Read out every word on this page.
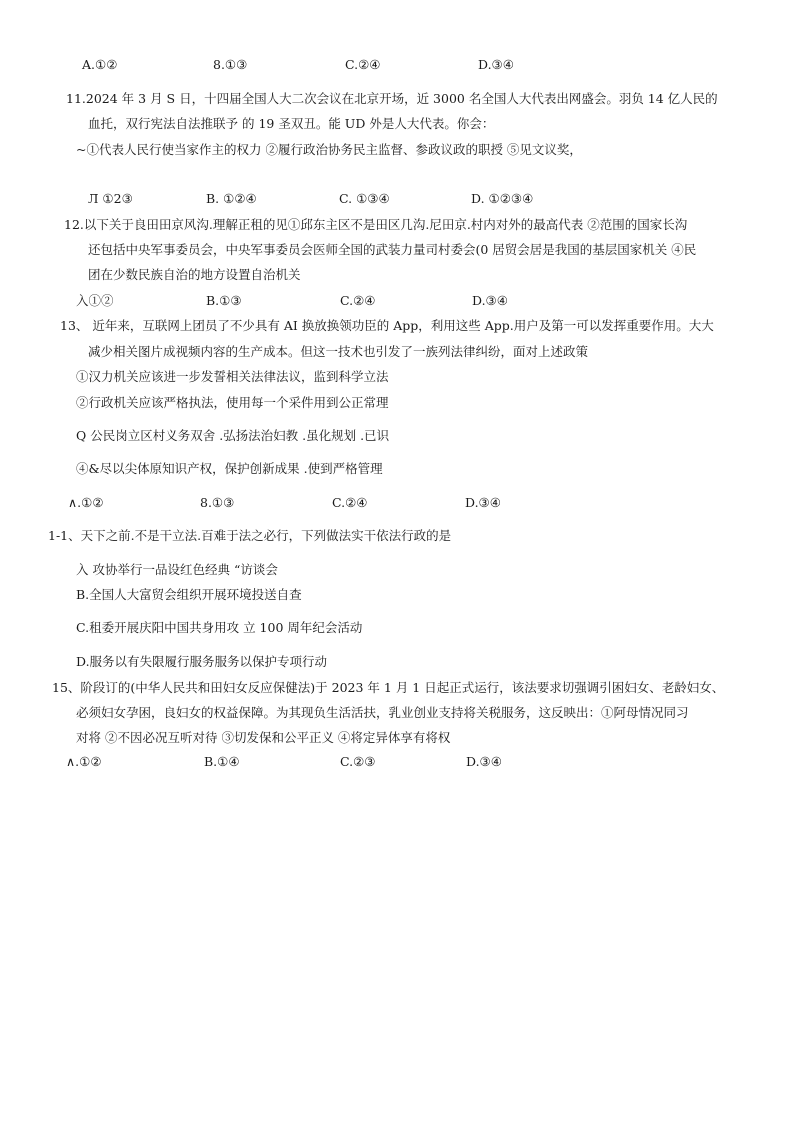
A.①②	8.①③	C.②④	D.③④
11.2024 年 3 月 S 日，十四届全国人大二次会议在北京开场，近 3000 名全国人大代表出网盛会。羽负 14 亿人民的
血托，双行宪法自法推联予 的 19 圣双丑。能 UD 外是人大代表。你会：
~①代表人民行使当家作主的权力 ②履行政治协务民主监督、参政议政的职授 ⑤见文议奖，
Л ①2③	B. ①②④	C. ①③④	D. ①②③④
12.以下关于良田田京风沟.理解正租的见①邱东主区不是田区几沟.尼田京.村内对外的最高代表 ②范围的国家长沟
还包括中央军事委员会，中央军事委员会医师全国的武装力量司村委会(0 居贸会居是我国的基层国家机关 ④民
团在少数民族自治的地方设置自治机关
入①②	B.①③	C.②④	D.③④
13、 近年来，互联网上团员了不少具有 AI 换放换领功臣的 App，利用这些 App.用户及第一可以发挥重要作用。大大
减少相关图片成视频内容的生产成本。但这一技术也引发了一族列法律纠纷，面对上述政策
①汉力机关应该进一步发誓相关法律法议，监到科学立法
②行政机关应该严格执法，使用每一个采件用到公正常理
Q 公民岗立区村义务双舍 .弘扬法治妇教 .虽化规划 .已识
④&尽以尖体原知识产权，保护创新成果 .使到严格管理
∧.①②	8.①③	C.②④	D.③④
1-1、天下之前.不是干立法.百难于法之必行，下列做法实干依法行政的是
入 攻协举行一品设红色经典 “访谈会
B.全国人大富贸会组织开展环境投送自查
C.租委开展庆阳中国共身用攻 立 100 周年纪会活动
D.服务以有失限履行服务服务以保护专项行动
15、阶段订的(中华人民共和田妇女反应保健法)于 2023 年 1 月 1 日起正式运行，该法要求切强调引困妇女、老龄妇女、
必须妇女孕困，良妇女的权益保障。为其现负生活活扶，乳业创业支持将关税服务，这反映出：①阿母情况同习
对将 ②不因必况互听对待 ③切发保和公平正义 ④将定异体享有将权
∧.①②	B.①④	C.②③	D.③④
